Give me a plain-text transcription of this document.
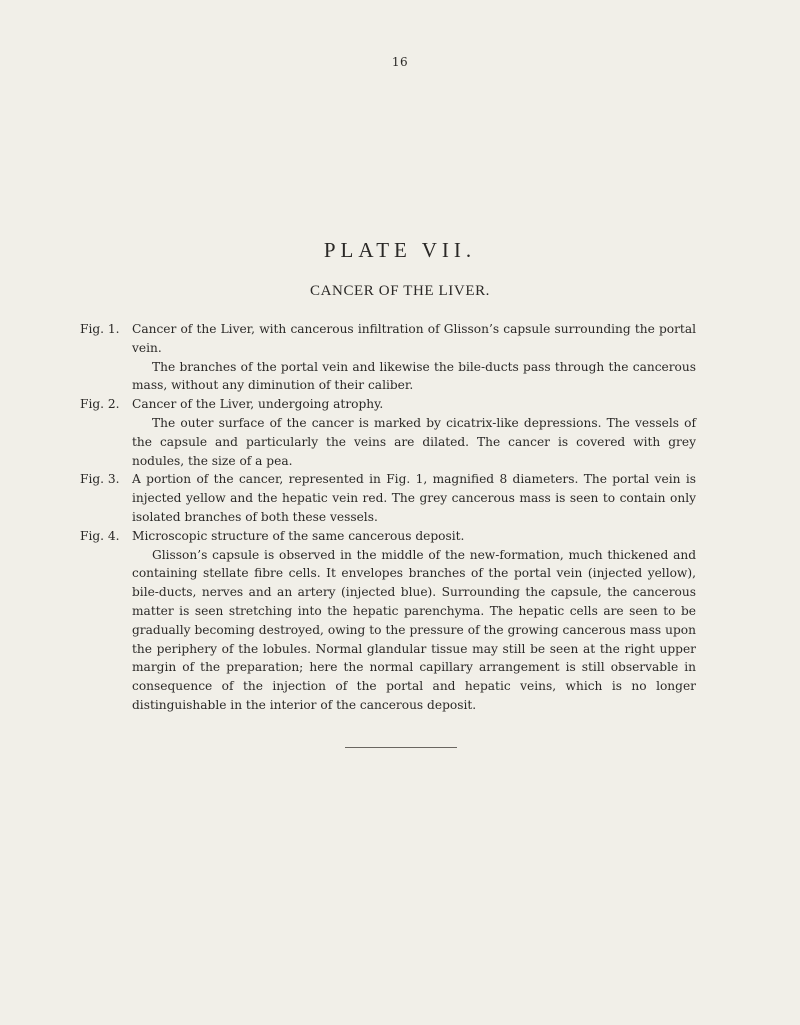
16
PLATE VII.
CANCER OF THE LIVER.
Fig. 1.	Cancer of the Liver, with cancerous infiltration of Glisson’s capsule surrounding the portal vein.

The branches of the portal vein and likewise the bile-ducts pass through the cancerous mass, without any diminution of their caliber.

Fig. 2.	Cancer of the Liver, undergoing atrophy.

The outer surface of the cancer is marked by cicatrix-like depressions. The vessels of the capsule and particularly the veins are dilated. The cancer is covered with grey nodules, the size of a pea.

Fig. 3.	A portion of the cancer, represented in Fig. 1, magnified 8 diameters. The portal vein is injected yellow and the hepatic vein red. The grey cancerous mass is seen to contain only isolated branches of both these vessels.

Fig. 4.	Microscopic structure of the same cancerous deposit.

Glisson’s capsule is observed in the middle of the new-formation, much thickened and containing stellate fibre cells. It envelopes branches of the portal vein (injected yellow), bile-ducts, nerves and an artery (injected blue). Surrounding the capsule, the cancerous matter is seen stretching into the hepatic parenchyma. The hepatic cells are seen to be gradually becoming destroyed, owing to the pressure of the growing cancerous mass upon the periphery of the lobules. Normal glandular tissue may still be seen at the right upper margin of the preparation; here the normal capillary arrangement is still observable in consequence of the injection of the portal and hepatic veins, which is no longer distinguishable in the interior of the cancerous deposit.
